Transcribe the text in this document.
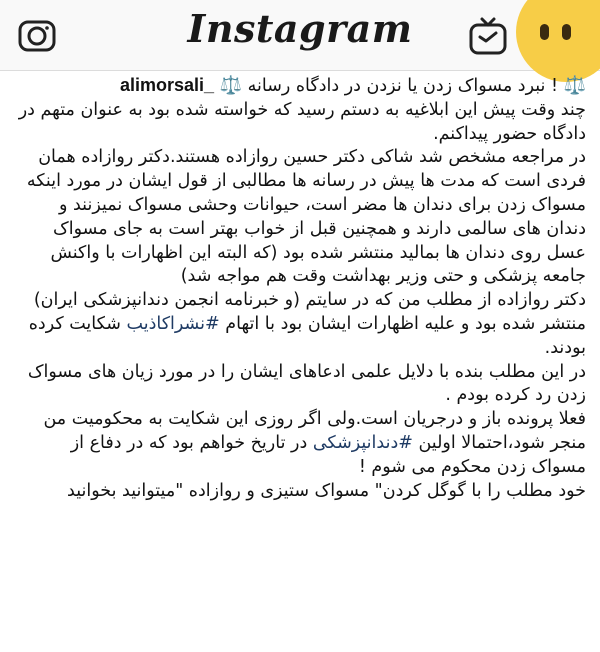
Instagram

⚖️ ! نبرد مسواک زدن یا نزدن در دادگاه رسانه ⚖️ alimorsali_

چند وقت پیش این ابلاغیه به دستم رسید که خواسته شده بود به عنوان متهم در دادگاه حضور پیداکنم.

در مراجعه مشخص شد شاکی دکتر حسین روازاده هستند.دکتر روازاده همان فردی است که مدت ها پیش در رسانه ها مطالبی از قول ایشان در مورد اینکه مسواک زدن برای دندان ها مضر است، حیوانات وحشی مسواک نمیزنند و دندان های سالمی دارند و همچنین قبل از خواب بهتر است به جای مسواک عسل روی دندان ها بمالید منتشر شده بود (که البته این اظهارات با واکنش جامعه پزشکی و حتی وزیر بهداشت وقت هم مواجه شد)

دکتر روازاده از مطلب من که در سایتم (و خبرنامه انجمن دندانپزشکی ایران) منتشر شده بود و علیه اظهارات ایشان بود با اتهام #نشراکاذیب شکایت کرده بودند.

در این مطلب بنده با دلایل علمی ادعاهای ایشان را در مورد زیان های مسواک زدن رد کرده بودم .

فعلا پرونده باز و درجریان است.ولی اگر روزی این شکایت به محکومیت من منجر شود،احتمالا اولین #دندانپزشکی در تاریخ خواهم بود که در دفاع از مسواک زدن محکوم می شوم !

خود مطلب را با گوگل کردن" مسواک ستیزی و روازاده "میتوانید بخوانید
